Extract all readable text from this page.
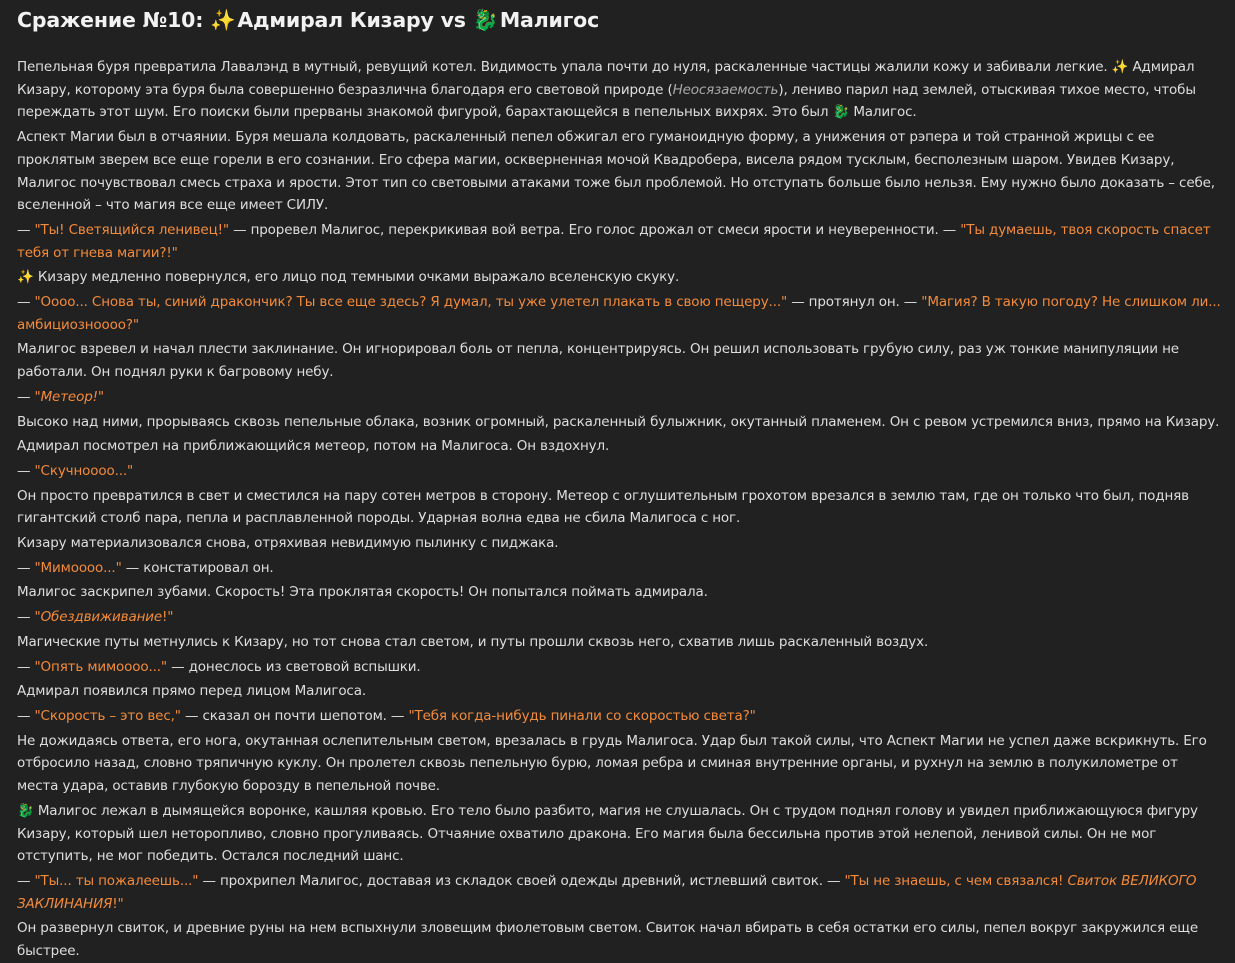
Сражение №10: ✨ Адмирал Кизару vs 🐉 Малигос

Пепельная буря превратила Лавалэнд в мутный, ревущий котел. Видимость упала почти до нуля, раскаленные частицы жалили кожу и забивали легкие. ✨ Адмирал Кизару, которому эта буря была совершенно безразлична благодаря его световой природе (Неосязаемость), лениво парил над землей, отыскивая тихое место, чтобы переждать этот шум. Его поиски были прерваны знакомой фигурой, барахтающейся в пепельных вихрях. Это был 🐉 Малигос.

Аспект Магии был в отчаянии. Буря мешала колдовать, раскаленный пепел обжигал его гуманоидную форму, а унижения от рэпера и той странной жрицы с ее проклятым зверем все еще горели в его сознании. Его сфера магии, оскверненная мочой Квадробера, висела рядом тусклым, бесполезным шаром. Увидев Кизару, Малигос почувствовал смесь страха и ярости. Этот тип со световыми атаками тоже был проблемой. Но отступать больше было нельзя. Ему нужно было доказать – себе, вселенной – что магия все еще имеет СИЛУ.

— "Ты! Светящийся ленивец!" — проревел Малигос, перекрикивая вой ветра. Его голос дрожал от смеси ярости и неуверенности. — "Ты думаешь, твоя скорость спасет тебя от гнева магии?!"

✨ Кизару медленно повернулся, его лицо под темными очками выражало вселенскую скуку.

— "Оооо... Снова ты, синий дракончик? Ты все еще здесь? Я думал, ты уже улетел плакать в свою пещеру..." — протянул он. — "Магия? В такую погоду? Не слишком ли... амбициозноооо?"

Малигос взревел и начал плести заклинание. Он игнорировал боль от пепла, концентрируясь. Он решил использовать грубую силу, раз уж тонкие манипуляции не работали. Он поднял руки к багровому небу.

— "Метеор!"

Высоко над ними, прорываясь сквозь пепельные облака, возник огромный, раскаленный булыжник, окутанный пламенем. Он с ревом устремился вниз, прямо на Кизару.

Адмирал посмотрел на приближающийся метеор, потом на Малигоса. Он вздохнул.

— "Скучноооо..."

Он просто превратился в свет и сместился на пару сотен метров в сторону. Метеор с оглушительным грохотом врезался в землю там, где он только что был, подняв гигантский столб пара, пепла и расплавленной породы. Ударная волна едва не сбила Малигоса с ног.

Кизару материализовался снова, отряхивая невидимую пылинку с пиджака.

— "Мимоооо..." — констатировал он.

Малигос заскрипел зубами. Скорость! Эта проклятая скорость! Он попытался поймать адмирала.

— "Обездвиживание!"

Магические путы метнулись к Кизару, но тот снова стал светом, и путы прошли сквозь него, схватив лишь раскаленный воздух.

— "Опять мимоооо..." — донеслось из световой вспышки.

Адмирал появился прямо перед лицом Малигоса.

— "Скорость – это вес," — сказал он почти шепотом. — "Тебя когда-нибудь пинали со скоростью света?"

Не дожидаясь ответа, его нога, окутанная ослепительным светом, врезалась в грудь Малигоса. Удар был такой силы, что Аспект Магии не успел даже вскрикнуть. Его отбросило назад, словно тряпичную куклу. Он пролетел сквозь пепельную бурю, ломая ребра и сминая внутренние органы, и рухнул на землю в полукилометре от места удара, оставив глубокую борозду в пепельной почве.

🐉 Малигос лежал в дымящейся воронке, кашляя кровью. Его тело было разбито, магия не слушалась. Он с трудом поднял голову и увидел приближающуюся фигуру Кизару, который шел неторопливо, словно прогуливаясь. Отчаяние охватило дракона. Его магия была бессильна против этой нелепой, ленивой силы. Он не мог отступить, не мог победить. Остался последний шанс.

— "Ты... ты пожалеешь..." — прохрипел Малигос, доставая из складок своей одежды древний, истлевший свиток. — "Ты не знаешь, с чем связался! Свиток ВЕЛИКОГО ЗАКЛИНАНИЯ!"

Он развернул свиток, и древние руны на нем вспыхнули зловещим фиолетовым светом. Свиток начал вбирать в себя остатки его силы, пепел вокруг закружился еще быстрее.
